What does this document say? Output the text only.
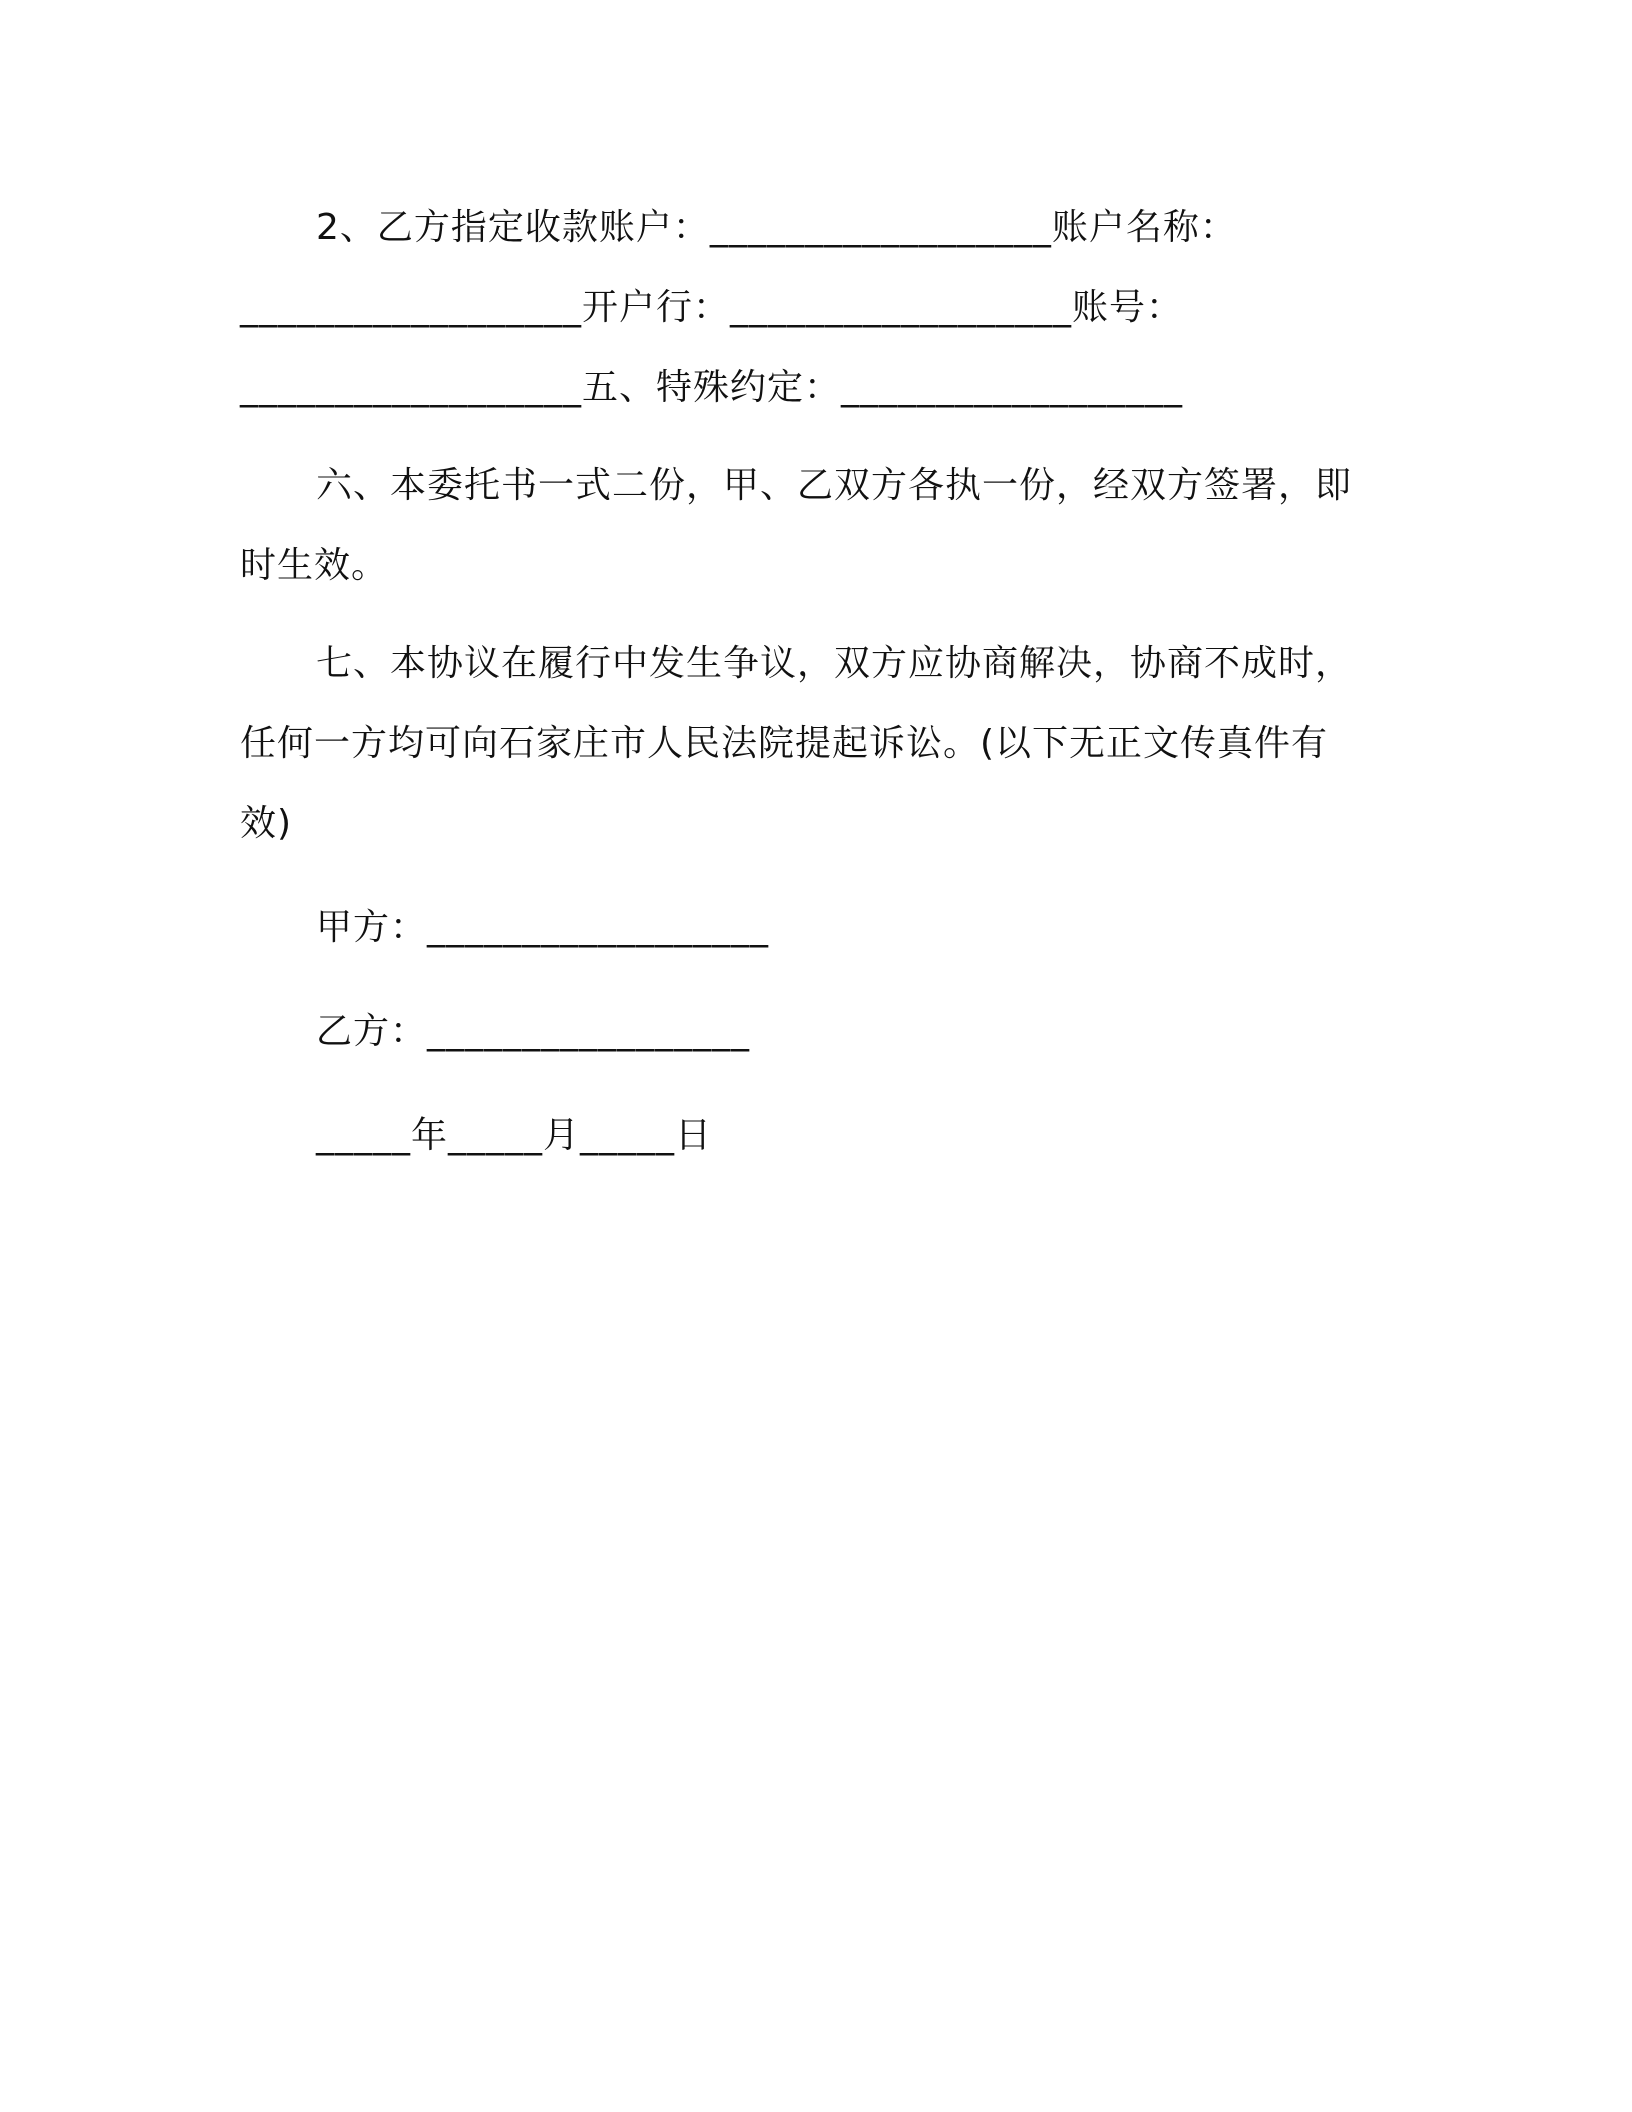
2、乙方指定收款账户：__________________账户名称：__________________开户行：__________________账号：__________________五、特殊约定：__________________

六、本委托书一式二份，甲、乙双方各执一份，经双方签署，即时生效。

七、本协议在履行中发生争议，双方应协商解决，协商不成时，任何一方均可向石家庄市人民法院提起诉讼。(以下无正文传真件有效)

甲方：__________________

乙方：_________________

_____年_____月_____日
